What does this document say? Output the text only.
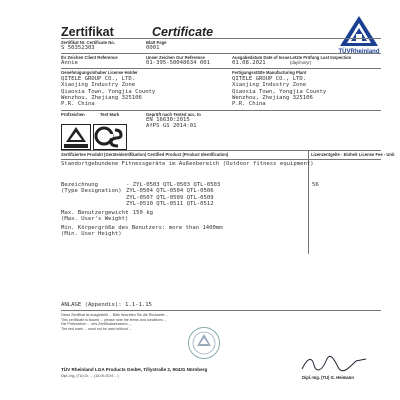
Zertifikat	Certificate
TÜVRheinland
Zertifikat Nr. Certificate No.
S 50352303
Blatt Page
0001
Ihr Zeichen Client Reference
Annie
Unser Zeichen Our Reference
01-395-50048634 001
Ausgabedatum Date of Issue
01.08.2021
Letzte Prüfung Last Inspection
(day/mo/yr)
Genehmigungsinhaber License Holder	Fertigungsstätte Manufacturing Plant
QITELE GROUP CO., LTD.
Xiaojing Industry Zone
Qiaoxia Town, Yongjia County
Wenzhou, Zhejiang 325106
P.R. China
QITELE GROUP CO., LTD.
Xiaojing Industry Zone
Qiaoxia Town, Yongjia County
Wenzhou, Zhejiang 325106
P.R. China
Prüfzeichen	Test Mark	Geprüft nach Tested acc. to
EN 16630:2015
AfPS GS 2014:01
Zertifiziertes Produkt (Geräteidentifikation) Certified Product (Product Identification)	Lizenzentgelte - Einheit License Fee - Unit
Standortgebundene Fitnessgeräte im Außenbereich (Outdoor fitness equipment)
Bezeichnung
(Type Designation)
- ZYL-0503 QTL-0503 QTL-0503
ZYL-0504 QTL-0504 QTL-0506
ZYL-0507 QTL-0509 QTL-0509
ZYL-0510 QTL-0511 QTL-0512
56
Max. Benutzergewicht
(Max. User's Weight)
: 150 kg
Min. Körpergröße des Benutzers: more than 1400mm
(Min. User Height)
ANLAGE (Appendix): 1.1-1.15
Diese Zertifikat ist ausgestellt ... Bitte beachten Sie die Rückseite ...
This certificate is issued ... please note the terms and conditions ...
Die Prüfzeichen ... des Zertifikatsinhabers ...
The test mark ... must not be used without ...
Dipl.-Ing. (TU) G. Heimann
TÜV Rheinland LGA Products GmbH, Tillystraße 2, 90431 Nürnberg
Dipl.-Ing. (TU) Dr. ... (18.09.2019 ...)
